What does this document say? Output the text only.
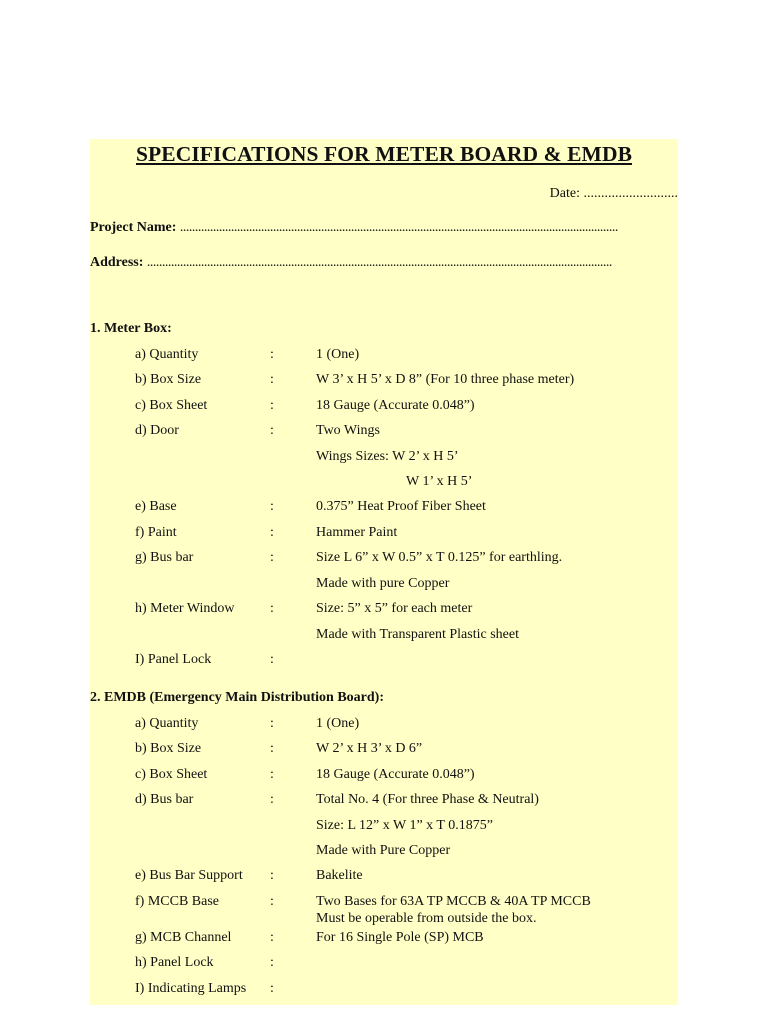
SPECIFICATIONS FOR METER BOARD & EMDB
Date: ...........................
Project Name: ..................................................................................................................................................
Address: ...........................................................................................................................................................
1. Meter Box:
a) Quantity	:	1 (One)
b) Box Size	:	W 3’ x H 5’ x D 8” (For 10 three phase meter)
c) Box Sheet	:	18 Gauge (Accurate 0.048”)
d) Door	:	Two Wings
Wings Sizes: W 2’ x H 5’
W 1’ x H 5’
e) Base	:	0.375” Heat Proof Fiber Sheet
f) Paint	:	Hammer Paint
g) Bus bar	:	Size L 6” x W 0.5” x T 0.125” for earthling.
Made with pure Copper
h) Meter Window	:	Size: 5” x 5” for each meter
Made with Transparent Plastic sheet
I) Panel Lock	:
2. EMDB (Emergency Main Distribution Board):
a) Quantity	:	1 (One)
b) Box Size	:	W 2’ x H 3’ x D 6”
c) Box Sheet	:	18 Gauge (Accurate 0.048”)
d) Bus bar	:	Total No. 4 (For three Phase & Neutral)
Size: L 12” x W 1” x T 0.1875”
Made with Pure Copper
e) Bus Bar Support :	Bakelite
f) MCCB Base	:	Two Bases for 63A TP MCCB & 40A TP MCCB
Must be operable from outside the box.
g) MCB Channel	:	For 16 Single Pole (SP) MCB
h) Panel Lock	:
I) Indicating Lamps :
